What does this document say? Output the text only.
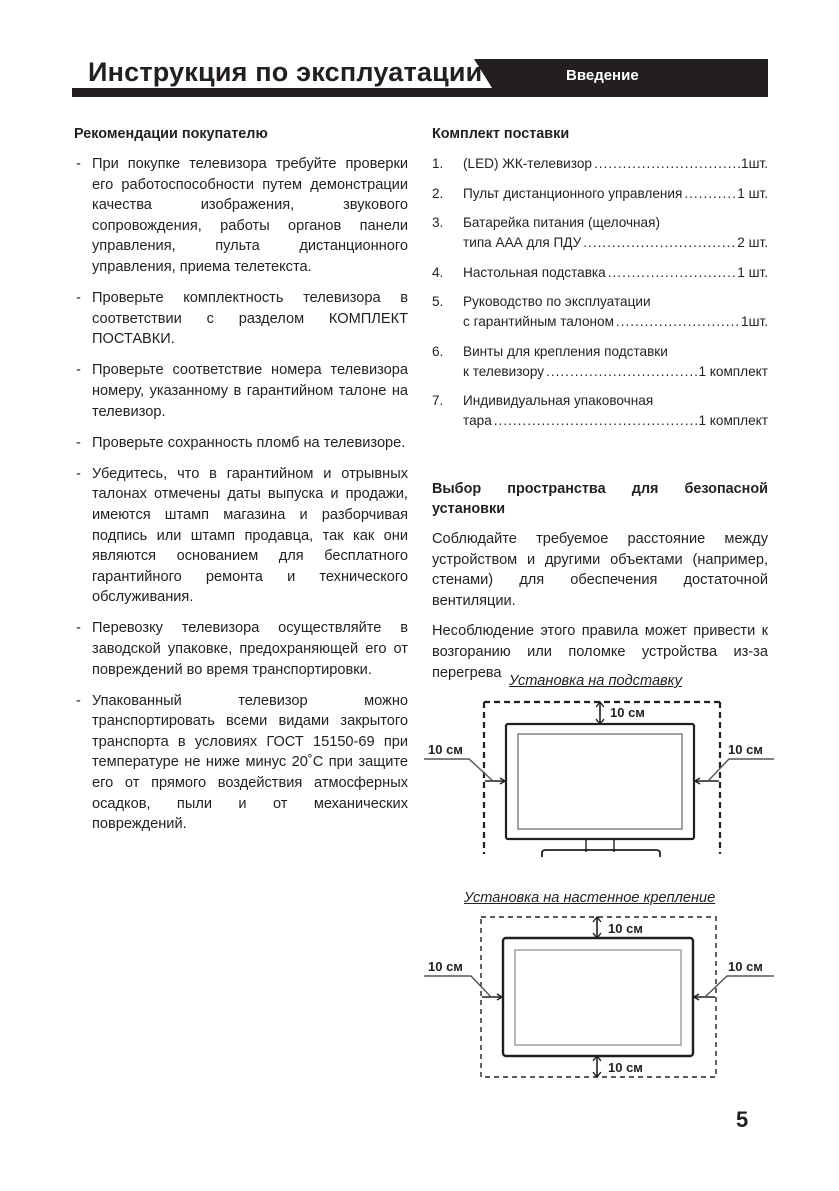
Инструкция по эксплуатации	Введение
Рекомендации покупателю
- При покупке телевизора требуйте проверки его работоспособности путем демонстрации качества изображения, звукового сопровождения, работы органов панели управления, пульта дистанционного управления, приема телетекста.
- Проверьте комплектность телевизора в соответствии с разделом КОМПЛЕКТ ПОСТАВКИ.
- Проверьте соответствие номера телевизора номеру, указанному в гарантийном талоне на телевизор.
- Проверьте сохранность пломб на телевизоре.
- Убедитесь, что в гарантийном и отрывных талонах отмечены даты выпуска и продажи, имеются штамп магазина и разборчивая подпись или штамп продавца, так как они являются основанием для бесплатного гарантийного ремонта и технического обслуживания.
- Перевозку телевизора осуществляйте в заводской упаковке, предохраняющей его от повреждений во время транспортировки.
- Упакованный телевизор можно транспортировать всеми видами закрытого транспорта в условиях ГОСТ 15150-69 при температуре не ниже минус 20˚С при защите его от прямого воздействия атмосферных осадков, пыли и от механических повреждений.
Комплект поставки
1. (LED) ЖК-телевизор .....	1шт.
2. Пульт дистанционного управления .....	1 шт.
3. Батарейка питания (щелочная)
типа ААА для ПДУ .....	2 шт.
4. Настольная подставка .....	1 шт.
5. Руководство по эксплуатации
с гарантийным талоном .....	1шт.
6. Винты для крепления подставки
к телевизору .....	1 комплект
7. Индивидуальная упаковочная
тара .....	1 комплект
Выбор пространства для безопасной установки

Соблюдайте требуемое расстояние между устройством и другими объектами (например, стенами) для обеспечения достаточной вентиляции.

Несоблюдение этого правила может привести к возгоранию или поломке устройства из-за перегрева

Установка на подставку
10 см
10 см	10 см
Установка на настенное крепление
10 см
10 см	10 см
10 см
5
